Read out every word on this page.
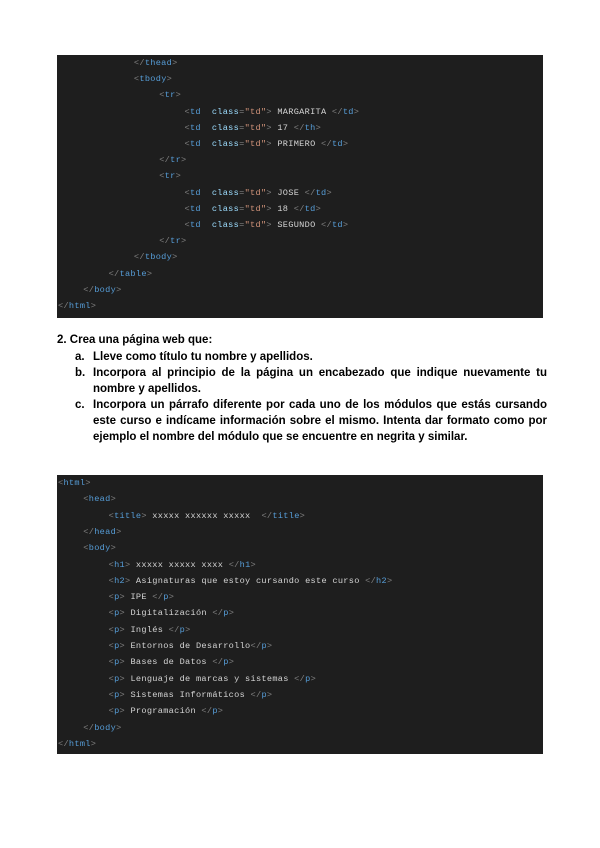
</thead>
<tbody>
<tr>
<td class="td"> MARGARITA </td>
<td class="td"> 17 </th>
<td class="td"> PRIMERO </td>
</tr>
<tr>
<td class="td"> JOSE </td>
<td class="td"> 18 </td>
<td class="td"> SEGUNDO </td>
</tr>
</tbody>
</table>
</body>
</html>
2. Crea una página web que:
a. Lleve como título tu nombre y apellidos.
b. Incorpora al principio de la página un encabezado que indique nuevamente tu nombre y apellidos.
c. Incorpora un párrafo diferente por cada uno de los módulos que estás cursando este curso e indícame información sobre el mismo. Intenta dar formato como por ejemplo el nombre del módulo que se encuentre en negrita y similar.
<html>
<head>
<title> xxxxx xxxxxx xxxxx  </title>
</head>
<body>
<h1> xxxxx xxxxx xxxx </h1>
<h2> Asignaturas que estoy cursando este curso </h2>
<p> IPE </p>
<p> Digitalización </p>
<p> Inglés </p>
<p> Entornos de Desarrollo</p>
<p> Bases de Datos </p>
<p> Lenguaje de marcas y sistemas </p>
<p> Sistemas Informáticos </p>
<p> Programación </p>
</body>
</html>
